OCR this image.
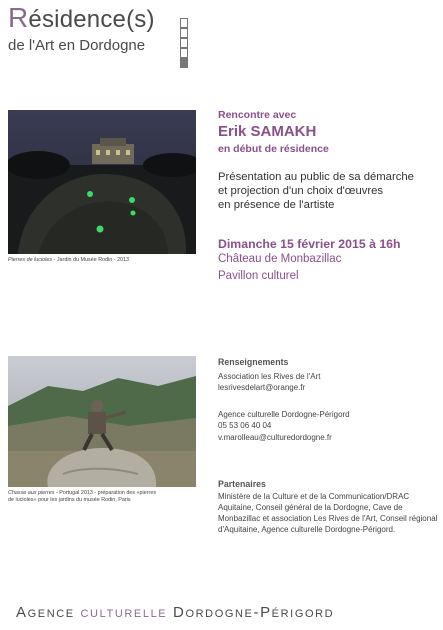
Résidence(s)
de l'Art en Dordogne
Pierres de lucioles - Jardin du Musée Rodin - 2013
Chasse aux pierres - Portugal 2013 - préparation des «pierres
de lucioles» pour les jardins du musée Rodin, Paris
Rencontre avec
Erik SAMAKH
en début de résidence
Présentation au public de sa démarche
et projection d'un choix d'œuvres
en présence de l'artiste
Dimanche 15 février 2015 à 16h
Château de Monbazillac
Pavillon culturel
Renseignements
Association les Rives de l'Art
lesrivesdelart@orange.fr
Agence culturelle Dordogne-Périgord
05 53 06 40 04
v.marolleau@culturedordogne.fr
Partenaires
Ministère de la Culture et de la Communication/DRAC Aquitaine, Conseil général de la Dordogne, Cave de Monbazillac et association Les Rives de l'Art, Conseil régional d'Aquitaine, Agence culturelle Dordogne-Périgord.
Agence culturelle Dordogne-Périgord
